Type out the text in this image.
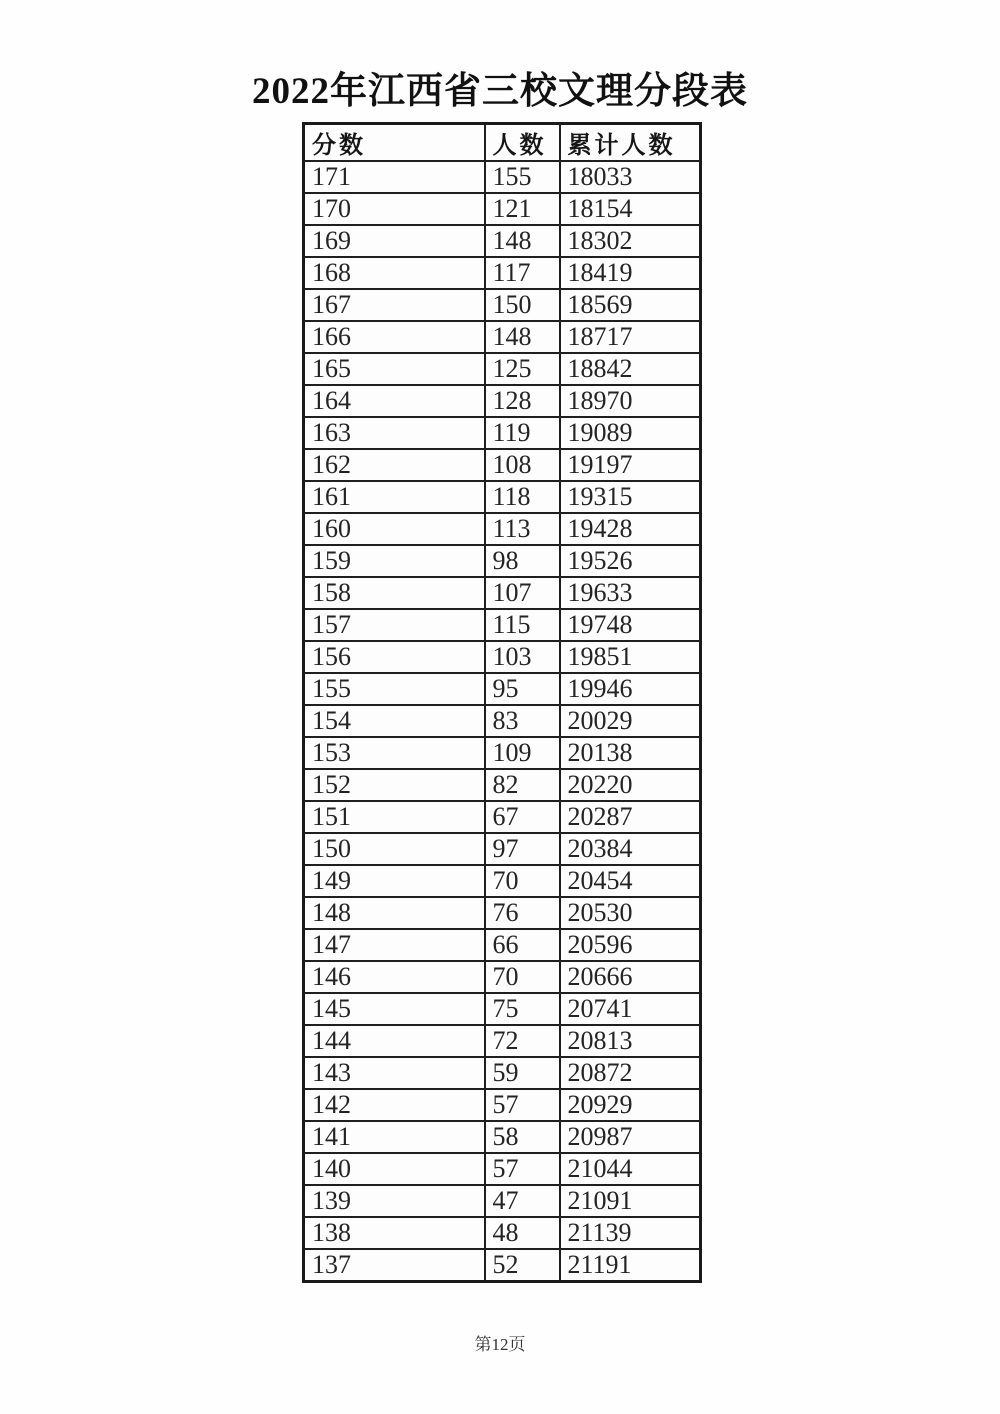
2022年江西省三校文理分段表
分数	人数	累计人数
171	155	18033
170	121	18154
169	148	18302
168	117	18419
167	150	18569
166	148	18717
165	125	18842
164	128	18970
163	119	19089
162	108	19197
161	118	19315
160	113	19428
159	98	19526
158	107	19633
157	115	19748
156	103	19851
155	95	19946
154	83	20029
153	109	20138
152	82	20220
151	67	20287
150	97	20384
149	70	20454
148	76	20530
147	66	20596
146	70	20666
145	75	20741
144	72	20813
143	59	20872
142	57	20929
141	58	20987
140	57	21044
139	47	21091
138	48	21139
137	52	21191
第12页
